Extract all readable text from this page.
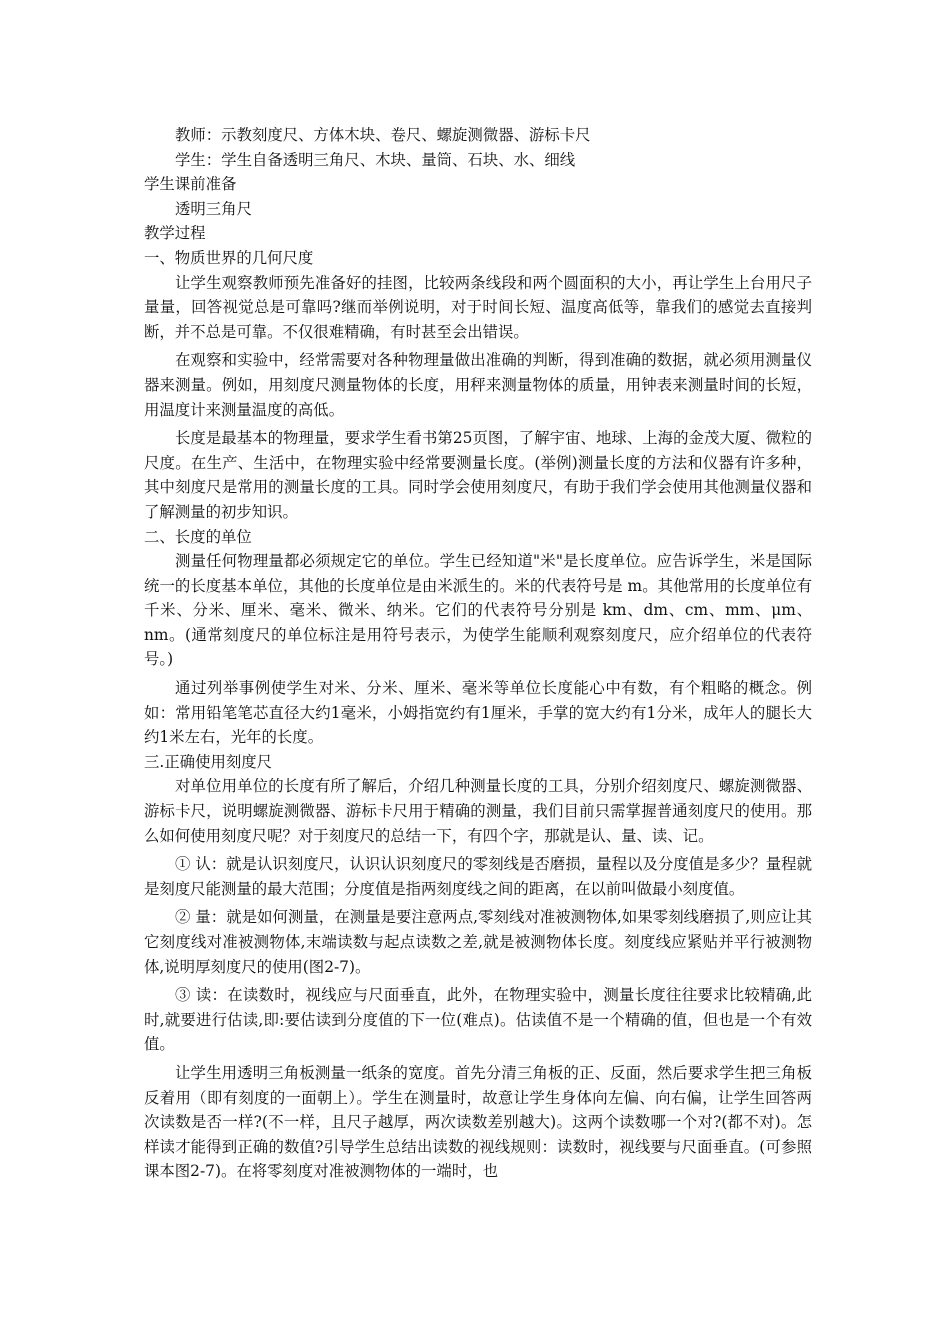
教师：示教刻度尺、方体木块、卷尺、螺旋测微器、游标卡尺

学生：学生自备透明三角尺、木块、量筒、石块、水、细线

学生课前准备

透明三角尺

教学过程

一、物质世界的几何尺度

让学生观察教师预先准备好的挂图，比较两条线段和两个圆面积的大小，再让学生上台用尺子量量，回答视觉总是可靠吗?继而举例说明，对于时间长短、温度高低等，靠我们的感觉去直接判断，并不总是可靠。不仅很难精确，有时甚至会出错误。

在观察和实验中，经常需要对各种物理量做出准确的判断，得到准确的数据，就必须用测量仪器来测量。例如，用刻度尺测量物体的长度，用秤来测量物体的质量，用钟表来测量时间的长短，用温度计来测量温度的高低。

长度是最基本的物理量，要求学生看书第25页图，了解宇宙、地球、上海的金茂大厦、微粒的尺度。在生产、生活中，在物理实验中经常要测量长度。(举例)测量长度的方法和仪器有许多种，其中刻度尺是常用的测量长度的工具。同时学会使用刻度尺，有助于我们学会使用其他测量仪器和了解测量的初步知识。

二、长度的单位

测量任何物理量都必须规定它的单位。学生已经知道"米"是长度单位。应告诉学生，米是国际统一的长度基本单位，其他的长度单位是由米派生的。米的代表符号是 m。其他常用的长度单位有千米、分米、厘米、毫米、微米、纳米。它们的代表符号分别是 km、dm、cm、mm、μm、nm。(通常刻度尺的单位标注是用符号表示，为使学生能顺利观察刻度尺，应介绍单位的代表符号。)

通过列举事例使学生对米、分米、厘米、毫米等单位长度能心中有数，有个粗略的概念。例如：常用铅笔笔芯直径大约1毫米，小姆指宽约有1厘米，手掌的宽大约有1分米，成年人的腿长大约1米左右，光年的长度。

三.正确使用刻度尺

对单位用单位的长度有所了解后，介绍几种测量长度的工具，分别介绍刻度尺、螺旋测微器、游标卡尺，说明螺旋测微器、游标卡尺用于精确的测量，我们目前只需掌握普通刻度尺的使用。那么如何使用刻度尺呢？对于刻度尺的总结一下，有四个字，那就是认、量、读、记。

① 认：就是认识刻度尺，认识认识刻度尺的零刻线是否磨损，量程以及分度值是多少？量程就是刻度尺能测量的最大范围；分度值是指两刻度线之间的距离，在以前叫做最小刻度值。

② 量：就是如何测量，在测量是要注意两点,零刻线对准被测物体,如果零刻线磨损了,则应让其它刻度线对准被测物体,末端读数与起点读数之差,就是被测物体长度。刻度线应紧贴并平行被测物体,说明厚刻度尺的使用(图2-7)。

③ 读：在读数时，视线应与尺面垂直，此外，在物理实验中，测量长度往往要求比较精确,此时,就要进行估读,即:要估读到分度值的下一位(难点)。估读值不是一个精确的值，但也是一个有效值。

让学生用透明三角板测量一纸条的宽度。首先分清三角板的正、反面，然后要求学生把三角板反着用（即有刻度的一面朝上）。学生在测量时，故意让学生身体向左偏、向右偏，让学生回答两次读数是否一样?(不一样，且尺子越厚，两次读数差别越大)。这两个读数哪一个对?(都不对)。怎样读才能得到正确的数值?引导学生总结出读数的视线规则：读数时，视线要与尺面垂直。(可参照课本图2-7)。在将零刻度对准被测物体的一端时，也
